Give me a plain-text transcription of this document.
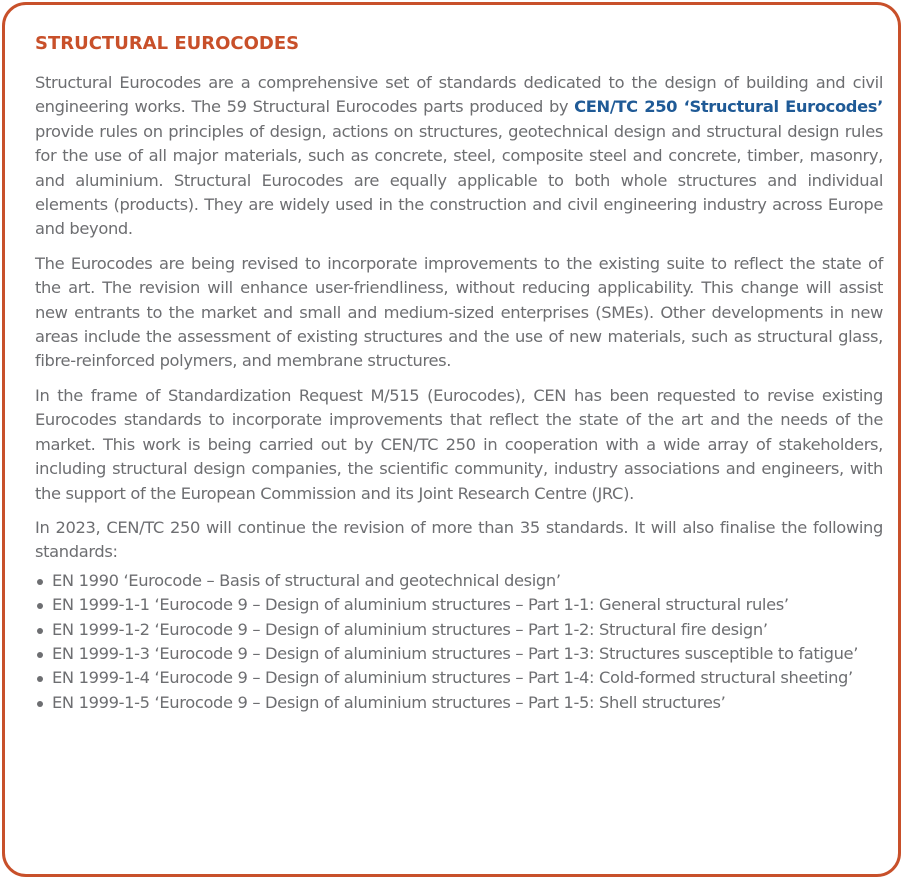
STRUCTURAL EUROCODES

Structural Eurocodes are a comprehensive set of standards dedicated to the design of building and civil engineering works. The 59 Structural Eurocodes parts produced by CEN/TC 250 ‘Structural Eurocodes’ provide rules on principles of design, actions on structures, geotechnical design and structural design rules for the use of all major materials, such as concrete, steel, composite steel and concrete, timber, masonry, and aluminium. Structural Eurocodes are equally applicable to both whole structures and individual elements (products). They are widely used in the construction and civil engineering industry across Europe and beyond.

The Eurocodes are being revised to incorporate improvements to the existing suite to reflect the state of the art. The revision will enhance user-friendliness, without reducing applicability. This change will assist new entrants to the market and small and medium-sized enterprises (SMEs). Other developments in new areas include the assessment of existing structures and the use of new materials, such as structural glass, fibre-reinforced polymers, and membrane structures.

In the frame of Standardization Request M/515 (Eurocodes), CEN has been requested to revise existing Eurocodes standards to incorporate improvements that reflect the state of the art and the needs of the market. This work is being carried out by CEN/TC 250 in cooperation with a wide array of stakeholders, including structural design companies, the scientific community, industry associations and engineers, with the support of the European Commission and its Joint Research Centre (JRC).

In 2023, CEN/TC 250 will continue the revision of more than 35 standards. It will also finalise the following standards:

EN 1990 ‘Eurocode – Basis of structural and geotechnical design’
EN 1999-1-1 ‘Eurocode 9 – Design of aluminium structures – Part 1-1: General structural rules’
EN 1999-1-2 ‘Eurocode 9 – Design of aluminium structures – Part 1-2: Structural fire design’
EN 1999-1-3 ‘Eurocode 9 – Design of aluminium structures – Part 1-3: Structures susceptible to fatigue’
EN 1999-1-4 ‘Eurocode 9 – Design of aluminium structures – Part 1-4: Cold-formed structural sheeting’
EN 1999-1-5 ‘Eurocode 9 – Design of aluminium structures – Part 1-5: Shell structures’
